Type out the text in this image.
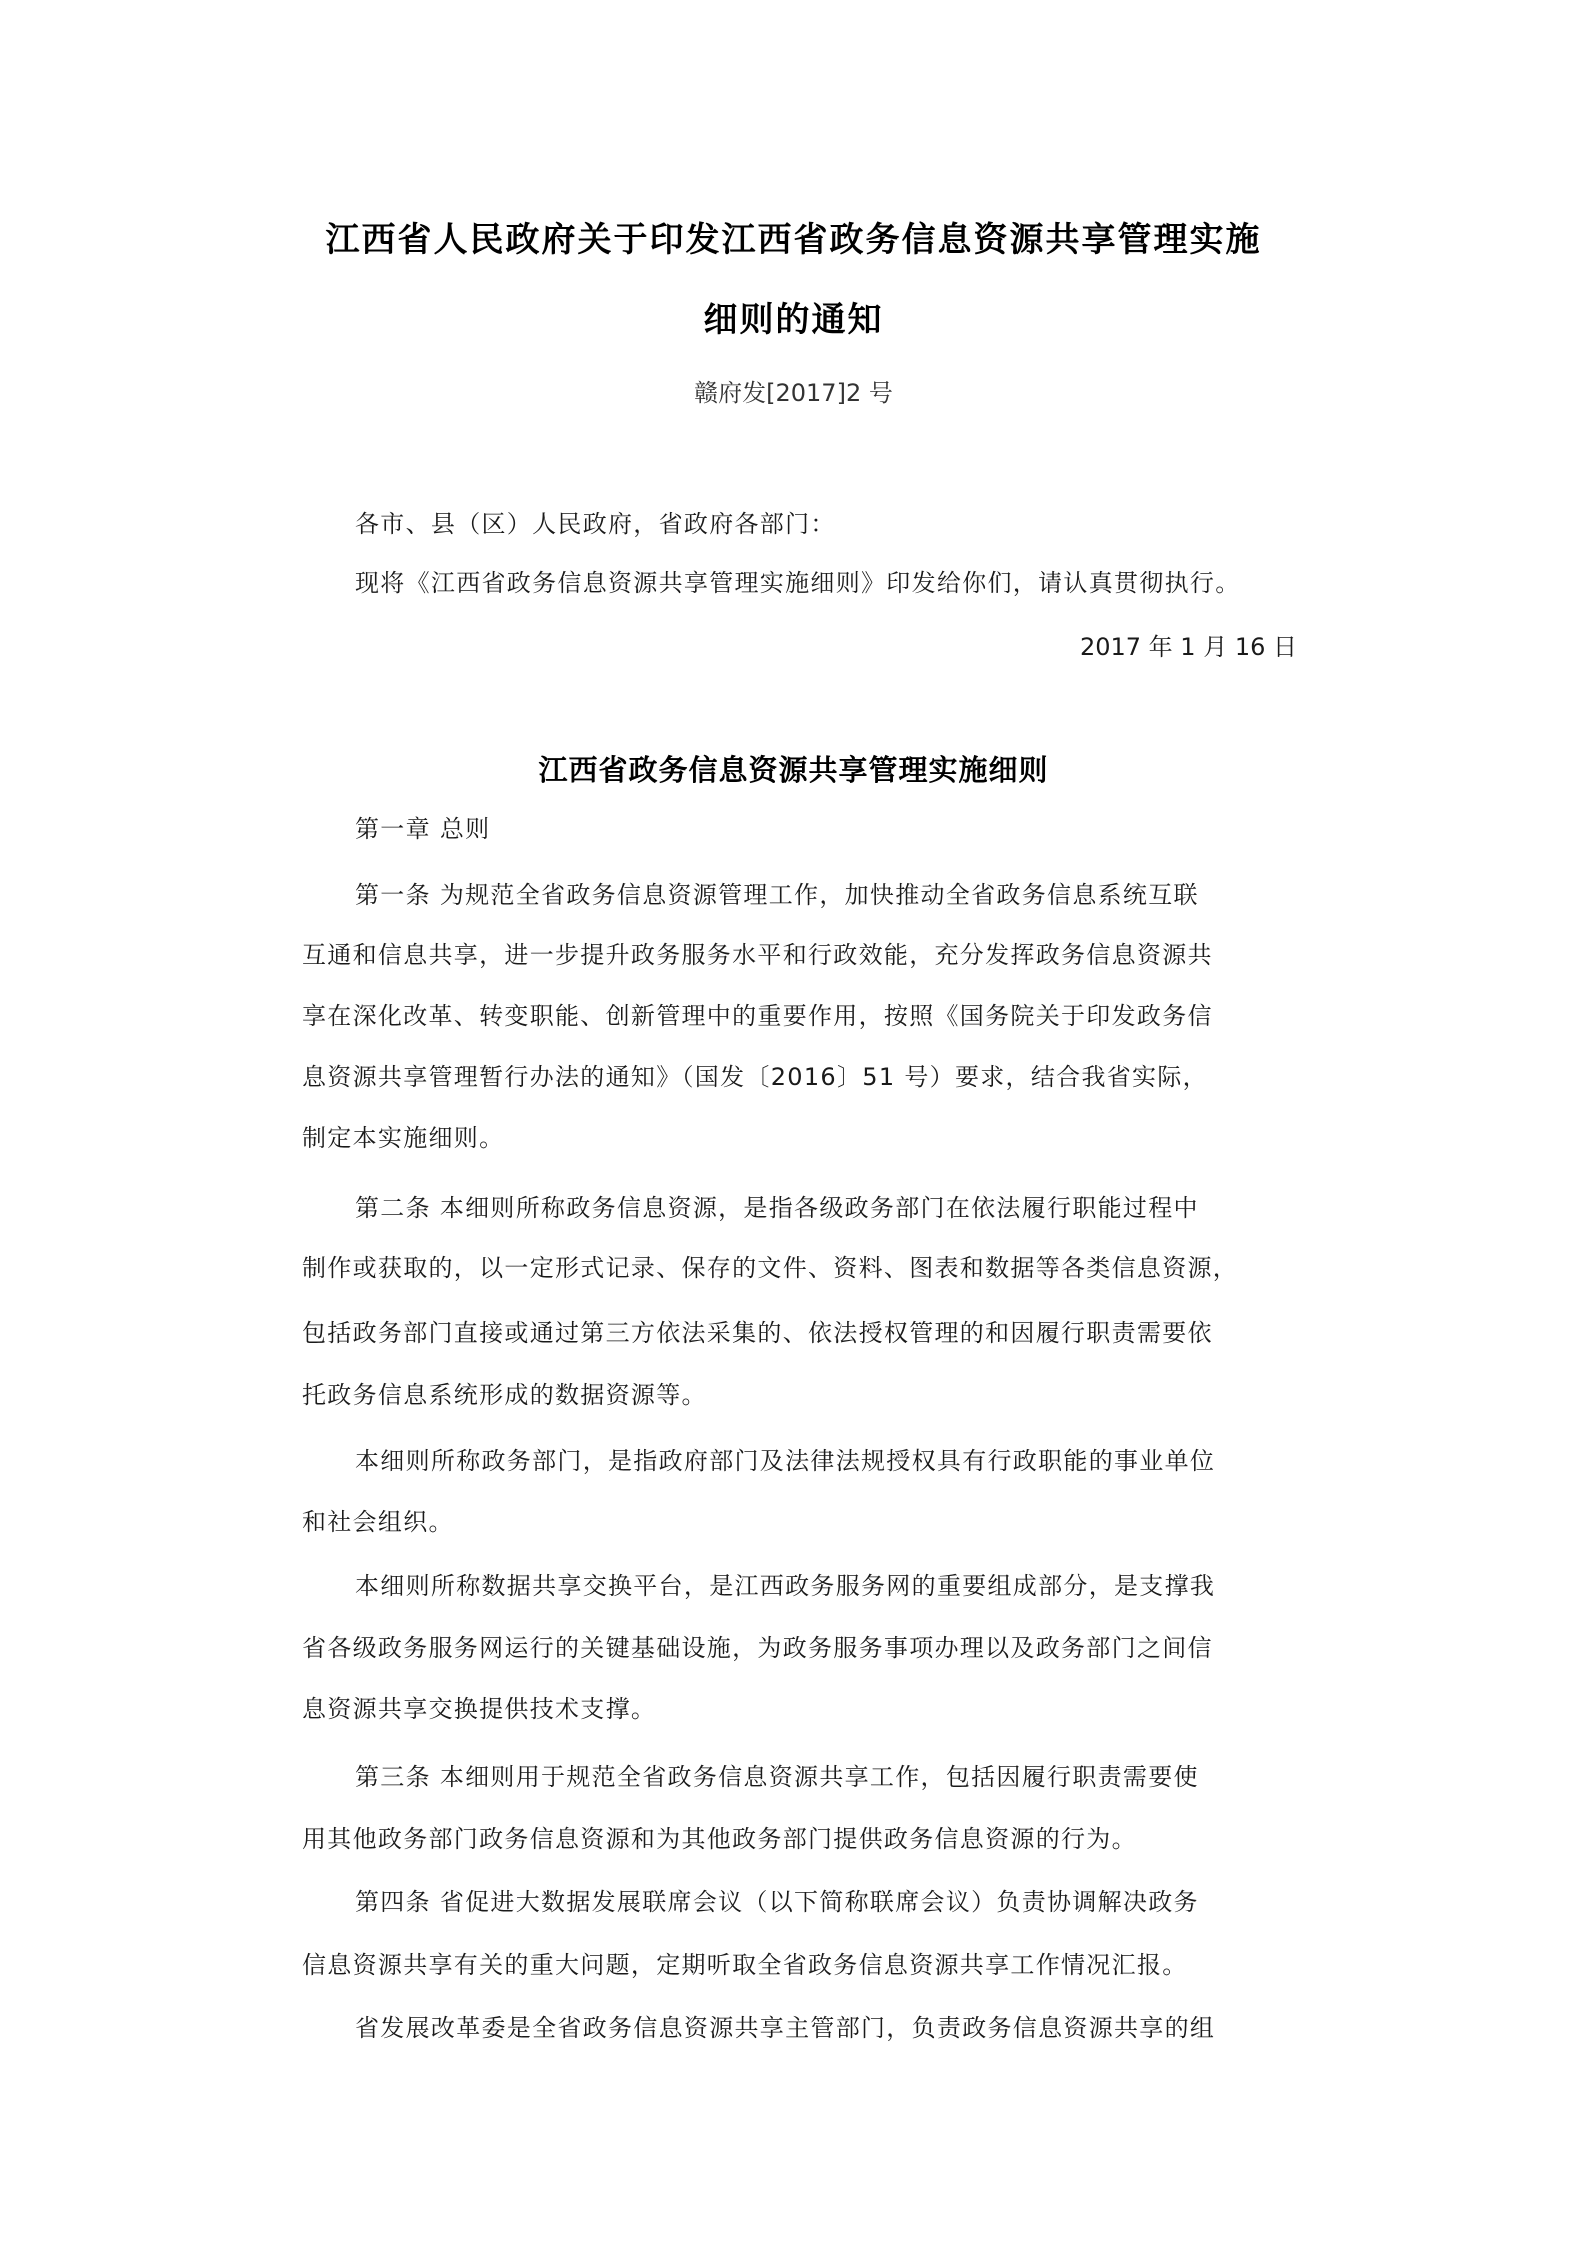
江西省人民政府关于印发江西省政务信息资源共享管理实施
细则的通知
赣府发[2017]2 号
各市、县（区）人民政府，省政府各部门：
现将《江西省政务信息资源共享管理实施细则》印发给你们，请认真贯彻执行。
2017 年 1 月 16 日
江西省政务信息资源共享管理实施细则
第一章 总则
第一条 为规范全省政务信息资源管理工作，加快推动全省政务信息系统互联
互通和信息共享，进一步提升政务服务水平和行政效能，充分发挥政务信息资源共
享在深化改革、转变职能、创新管理中的重要作用，按照《国务院关于印发政务信
息资源共享管理暂行办法的通知》（国发〔2016〕51 号）要求，结合我省实际，
制定本实施细则。
第二条 本细则所称政务信息资源，是指各级政务部门在依法履行职能过程中
制作或获取的，以一定形式记录、保存的文件、资料、图表和数据等各类信息资源，
包括政务部门直接或通过第三方依法采集的、依法授权管理的和因履行职责需要依
托政务信息系统形成的数据资源等。
本细则所称政务部门，是指政府部门及法律法规授权具有行政职能的事业单位
和社会组织。
本细则所称数据共享交换平台，是江西政务服务网的重要组成部分，是支撑我
省各级政务服务网运行的关键基础设施，为政务服务事项办理以及政务部门之间信
息资源共享交换提供技术支撑。
第三条 本细则用于规范全省政务信息资源共享工作，包括因履行职责需要使
用其他政务部门政务信息资源和为其他政务部门提供政务信息资源的行为。
第四条 省促进大数据发展联席会议（以下简称联席会议）负责协调解决政务
信息资源共享有关的重大问题，定期听取全省政务信息资源共享工作情况汇报。
省发展改革委是全省政务信息资源共享主管部门，负责政务信息资源共享的组
